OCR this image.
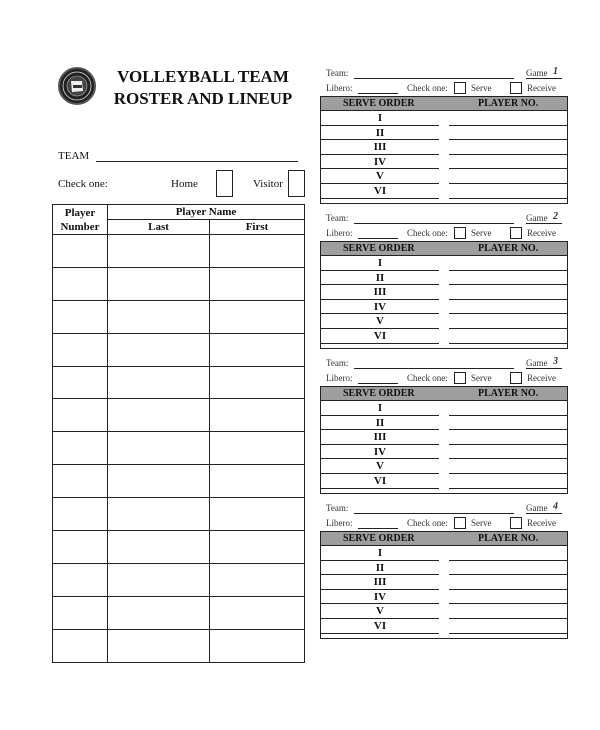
VOLLEYBALL TEAM
ROSTER AND LINEUP
TEAM
Check one:	Home	Visitor
Player
Number	Player Name	
	Last	First

Team:	Game 1
Libero:	Check one:	Serve	Receive
SERVE ORDER	PLAYER NO.
I
II
III
IV
V
VI
Team:	Game 2
Libero:	Check one:	Serve	Receive
SERVE ORDER	PLAYER NO.
I
II
III
IV
V
VI
Team:	Game 3
Libero:	Check one:	Serve	Receive
SERVE ORDER	PLAYER NO.
I
II
III
IV
V
VI
Team:	Game 4
Libero:	Check one:	Serve	Receive
SERVE ORDER	PLAYER NO.
I
II
III
IV
V
VI
